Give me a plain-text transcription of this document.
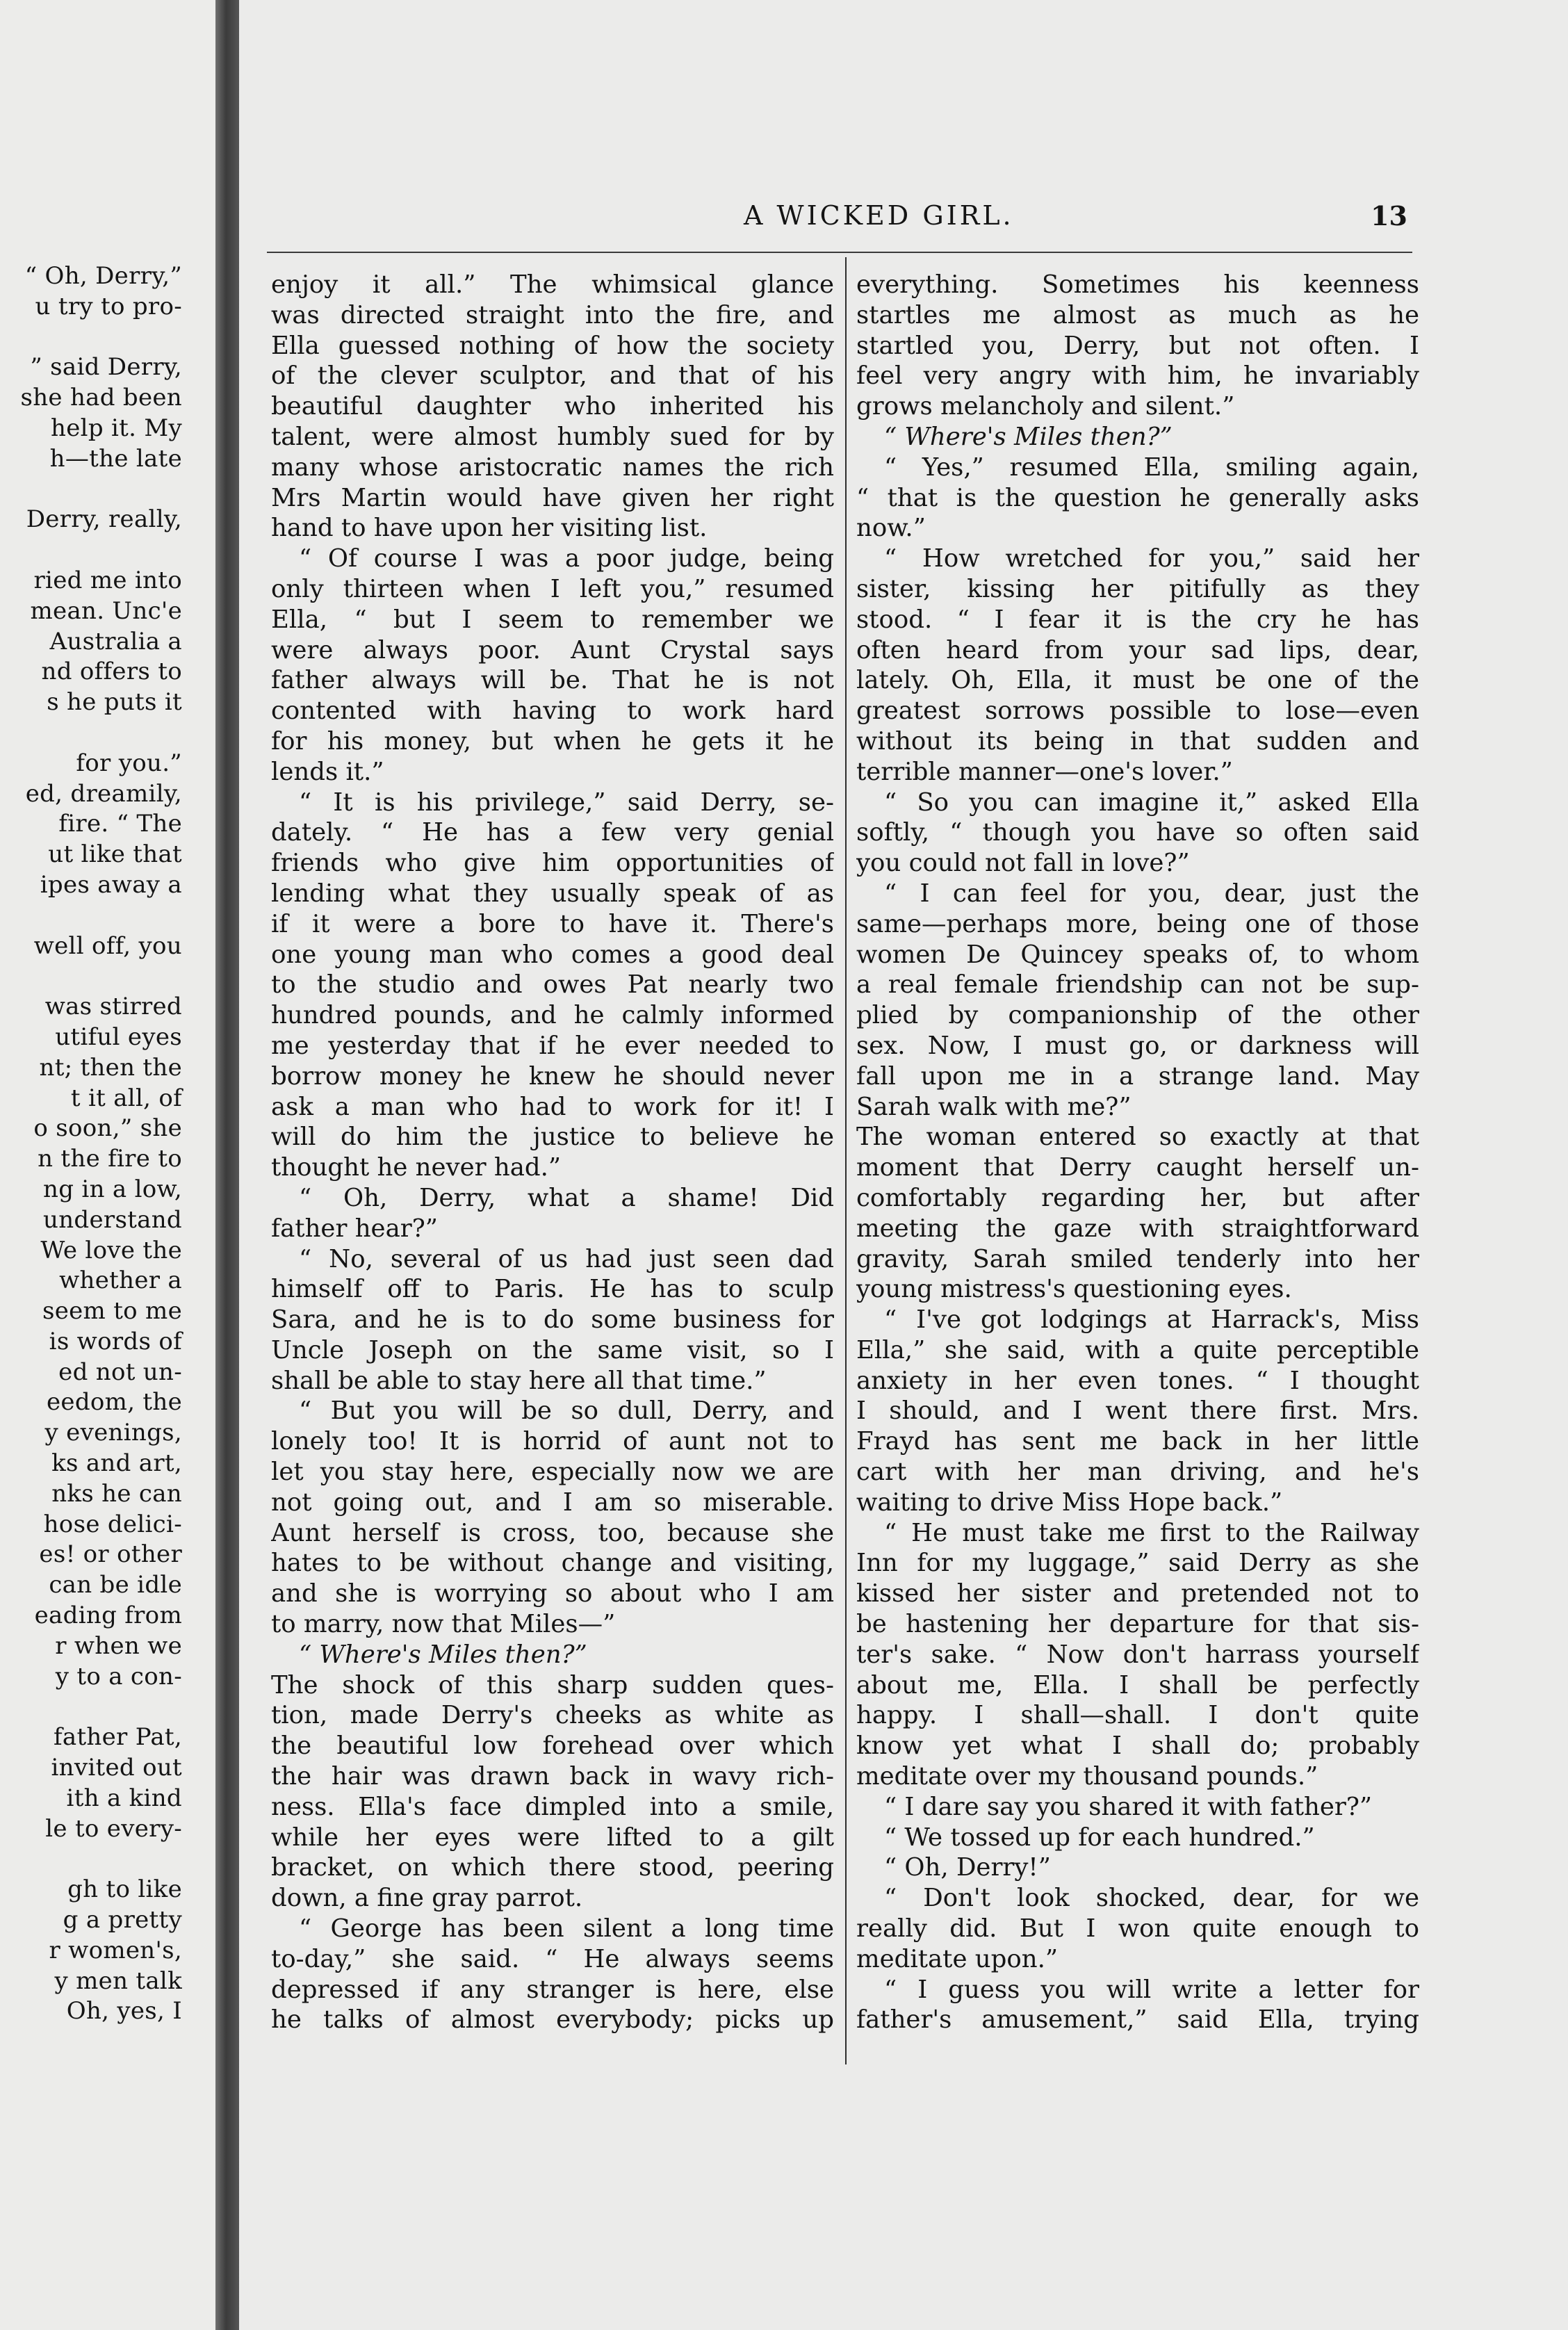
“ Oh, Derry,”
u try to pro-
” said Derry,
she had been
help it. My
h—the late
Derry, really,
ried me into
mean. Unc'e
Australia a
nd offers to
s he puts it
for you.”
ed, dreamily,
fire. “ The
ut like that
ipes away a
well off, you
was stirred
utiful eyes
nt; then the
t it all, of
o soon,” she
n the fire to
ng in a low,
understand
We love the
whether a
seem to me
is words of
ed not un-
eedom, the
y evenings,
ks and art,
nks he can
hose delici-
es! or other
can be idle
eading from
r when we
y to a con-
father Pat,
invited out
ith a kind
le to every-
gh to like
g a pretty
r women's,
y men talk
Oh, yes, I
A WICKED GIRL.	13
enjoy it all.” The whimsical glance
was directed straight into the fire, and
Ella guessed nothing of how the society
of the clever sculptor, and that of his
beautiful daughter who inherited his
talent, were almost humbly sued for by
many whose aristocratic names the rich
Mrs Martin would have given her right
hand to have upon her visiting list.
“ Of course I was a poor judge, being
only thirteen when I left you,” resumed
Ella, “ but I seem to remember we
were always poor. Aunt Crystal says
father always will be. That he is not
contented with having to work hard
for his money, but when he gets it he
lends it.”
“ It is his privilege,” said Derry, se-
dately. “ He has a few very genial
friends who give him opportunities of
lending what they usually speak of as
if it were a bore to have it. There's
one young man who comes a good deal
to the studio and owes Pat nearly two
hundred pounds, and he calmly informed
me yesterday that if he ever needed to
borrow money he knew he should never
ask a man who had to work for it! I
will do him the justice to believe he
thought he never had.”
“ Oh, Derry, what a shame! Did
father hear?”
“ No, several of us had just seen dad
himself off to Paris. He has to sculp
Sara, and he is to do some business for
Uncle Joseph on the same visit, so I
shall be able to stay here all that time.”
“ But you will be so dull, Derry, and
lonely too! It is horrid of aunt not to
let you stay here, especially now we are
not going out, and I am so miserable.
Aunt herself is cross, too, because she
hates to be without change and visiting,
and she is worrying so about who I am
to marry, now that Miles—”
“ Where's Miles then?”
The shock of this sharp sudden ques-
tion, made Derry's cheeks as white as
the beautiful low forehead over which
the hair was drawn back in wavy rich-
ness. Ella's face dimpled into a smile,
while her eyes were lifted to a gilt
bracket, on which there stood, peering
down, a fine gray parrot.
“ George has been silent a long time
to-day,” she said. “ He always seems
depressed if any stranger is here, else
he talks of almost everybody; picks up
everything. Sometimes his keenness
startles me almost as much as he
startled you, Derry, but not often. I
feel very angry with him, he invariably
grows melancholy and silent.”
“ Where's Miles then?”
“ Yes,” resumed Ella, smiling again,
“ that is the question he generally asks
now.”
“ How wretched for you,” said her
sister, kissing her pitifully as they
stood. “ I fear it is the cry he has
often heard from your sad lips, dear,
lately. Oh, Ella, it must be one of the
greatest sorrows possible to lose—even
without its being in that sudden and
terrible manner—one's lover.”
“ So you can imagine it,” asked Ella
softly, “ though you have so often said
you could not fall in love?”
“ I can feel for you, dear, just the
same—perhaps more, being one of those
women De Quincey speaks of, to whom
a real female friendship can not be sup-
plied by companionship of the other
sex. Now, I must go, or darkness will
fall upon me in a strange land. May
Sarah walk with me?”
The woman entered so exactly at that
moment that Derry caught herself un-
comfortably regarding her, but after
meeting the gaze with straightforward
gravity, Sarah smiled tenderly into her
young mistress's questioning eyes.
“ I've got lodgings at Harrack's, Miss
Ella,” she said, with a quite perceptible
anxiety in her even tones. “ I thought
I should, and I went there first. Mrs.
Frayd has sent me back in her little
cart with her man driving, and he's
waiting to drive Miss Hope back.”
“ He must take me first to the Railway
Inn for my luggage,” said Derry as she
kissed her sister and pretended not to
be hastening her departure for that sis-
ter's sake. “ Now don't harrass yourself
about me, Ella. I shall be perfectly
happy. I shall—shall. I don't quite
know yet what I shall do; probably
meditate over my thousand pounds.”
“ I dare say you shared it with father?”
“ We tossed up for each hundred.”
“ Oh, Derry!”
“ Don't look shocked, dear, for we
really did. But I won quite enough to
meditate upon.”
“ I guess you will write a letter for
father's amusement,” said Ella, trying
